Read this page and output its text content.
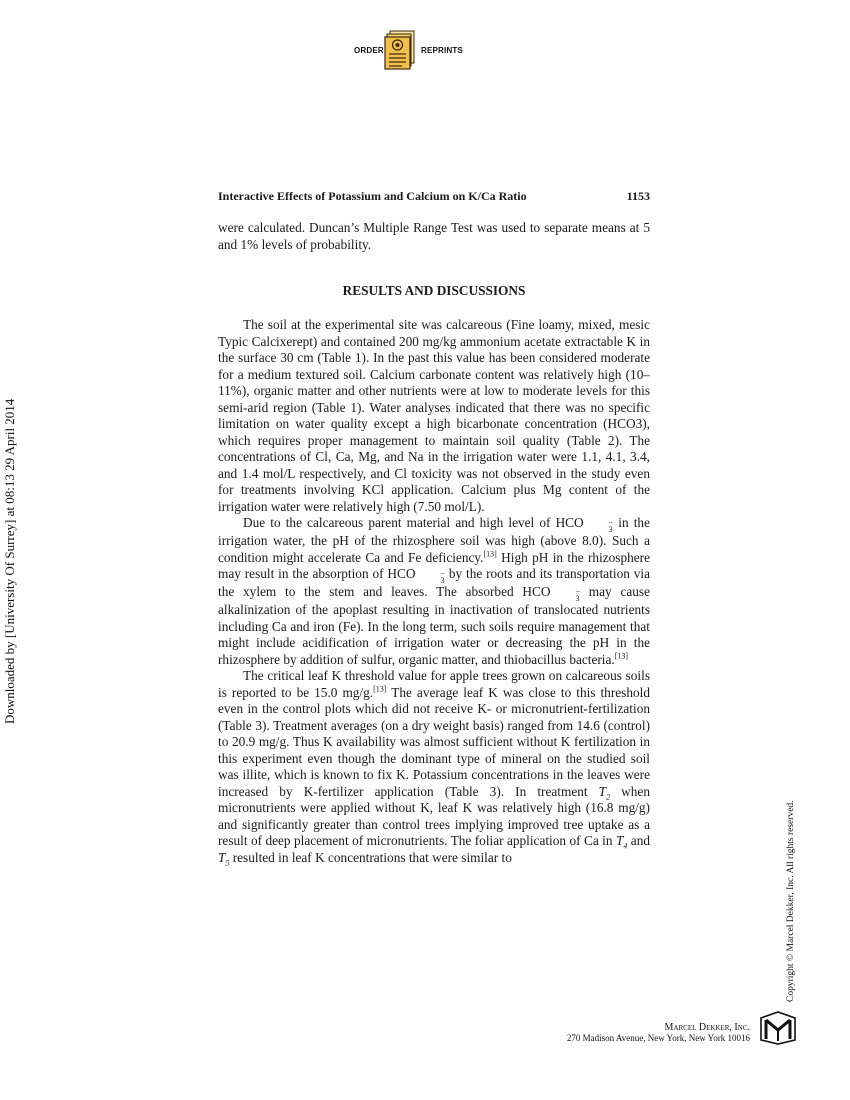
ORDER	REPRINTS
Interactive Effects of Potassium and Calcium on K/Ca Ratio	1153

were calculated. Duncan’s Multiple Range Test was used to separate means at 5 and 1% levels of probability.

RESULTS AND DISCUSSIONS

The soil at the experimental site was calcareous (Fine loamy, mixed, mesic Typic Calcixerept) and contained 200 mg/kg ammonium acetate extractable K in the surface 30 cm (Table 1). In the past this value has been considered moderate for a medium textured soil. Calcium carbonate content was relatively high (10–11%), organic matter and other nutrients were at low to moderate levels for this semi-arid region (Table 1). Water analyses indicated that there was no specific limitation on water quality except a high bicarbonate concentration (HCO3), which requires proper management to maintain soil quality (Table 2). The concentrations of Cl, Ca, Mg, and Na in the irrigation water were 1.1, 4.1, 3.4, and 1.4 mol/L respectively, and Cl toxicity was not observed in the study even for treatments involving KCl application. Calcium plus Mg content of the irrigation water were relatively high (7.50 mol/L).

Due to the calcareous parent material and high level of HCO	−
3 in the irrigation water, the pH of the rhizosphere soil was high (above 8.0). Such a condition might accelerate Ca and Fe deficiency.[13] High pH in the rhizosphere may result in the absorption of HCO	−
3 by the roots and its transportation via the xylem to the stem and leaves. The absorbed HCO	−
3 may cause alkalinization of the apoplast resulting in inactivation of translocated nutrients including Ca and iron (Fe). In the long term, such soils require management that might include acidification of irrigation water or decreasing the pH in the rhizosphere by addition of sulfur, organic matter, and thiobacillus bacteria.[13]

The critical leaf K threshold value for apple trees grown on calcareous soils is reported to be 15.0 mg/g.[13] The average leaf K was close to this threshold even in the control plots which did not receive K- or micronutrient-fertilization (Table 3). Treatment averages (on a dry weight basis) ranged from 14.6 (control) to 20.9 mg/g. Thus K availability was almost sufficient without K fertilization in this experiment even though the dominant type of mineral on the studied soil was illite, which is known to fix K. Potassium concentrations in the leaves were increased by K-fertilizer application (Table 3). In treatment $T_2$ when micronutrients were applied without K, leaf K was relatively high (16.8 mg/g) and significantly greater than control trees implying improved tree uptake as a result of deep placement of micronutrients. The foliar application of Ca in $T_4$ and $T_5$ resulted in leaf K concentrations that were similar to

Downloaded by [University Of Surrey] at 08:13 29 April 2014
Copyright © Marcel Dekker, Inc. All rights reserved.
Marcel Dekker, Inc.
270 Madison Avenue, New York, New York 10016
